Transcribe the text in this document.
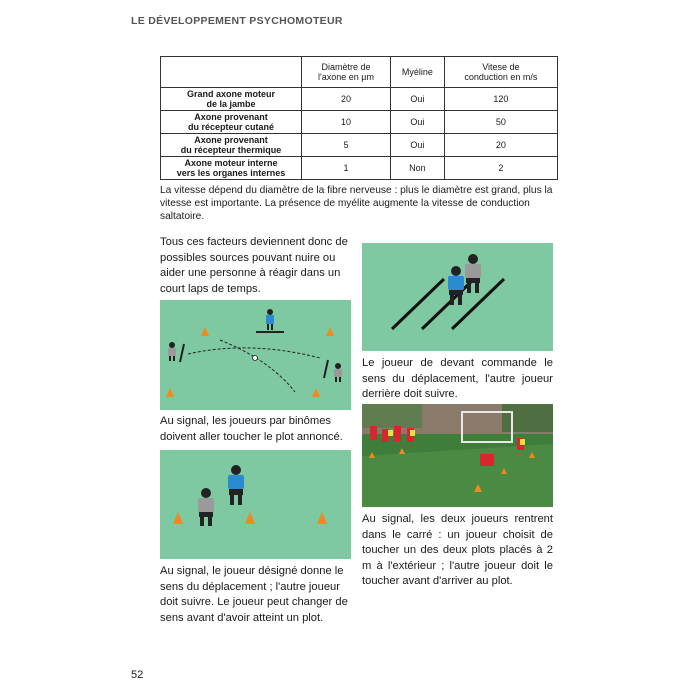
LE DÉVELOPPEMENT PSYCHOMOTEUR
	Diamètre de
l'axone en µm	Myéline	Vitese de
conduction en m/s
Grand axone moteur
de la jambe	20	Oui	120
Axone provenant
du récepteur cutané	10	Oui	50
Axone provenant
du récepteur thermique	5	Oui	20
Axone moteur interne
vers les organes internes	1	Non	2
La vitesse dépend du diamètre de la fibre nerveuse : plus le diamètre est grand, plus la vitesse est importante. La présence de myélite augmente la vitesse de conduction saltatoire.
Tous ces facteurs deviennent donc de possibles sources pouvant nuire ou aider une personne à réagir dans un court laps de temps.
Au signal, les joueurs par binômes doivent aller toucher le plot annoncé.
Au signal, le joueur désigné donne le sens du déplacement ; l'autre joueur doit suivre. Le joueur peut changer de sens avant d'avoir atteint un plot.
Le joueur de devant commande le sens du déplacement, l'autre joueur derrière doit suivre.
Au signal, les deux joueurs rentrent dans le carré : un joueur choisit de toucher un des deux plots placés à 2 m à l'extérieur ; l'autre joueur doit le toucher avant d'arriver au plot.
52
